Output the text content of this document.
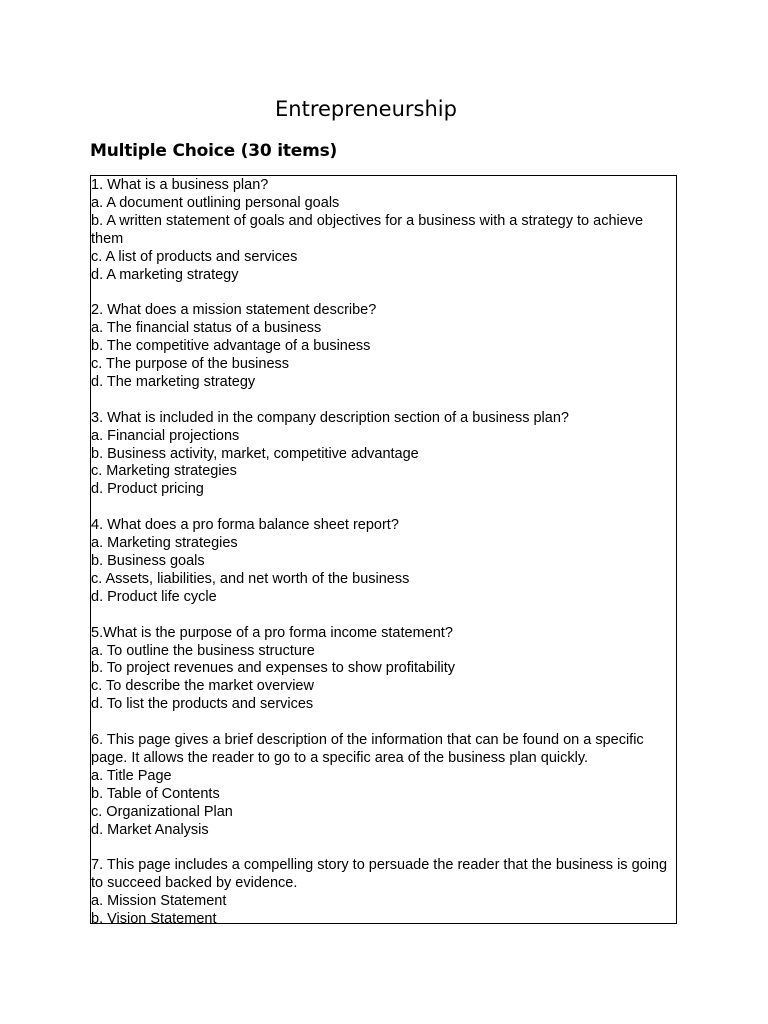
Entrepreneurship
Multiple Choice (30 items)
1. What is a business plan?
a. A document outlining personal goals
b. A written statement of goals and objectives for a business with a strategy to achieve them
c. A list of products and services
d. A marketing strategy
2. What does a mission statement describe?
a. The financial status of a business
b. The competitive advantage of a business
c. The purpose of the business
d. The marketing strategy
3. What is included in the company description section of a business plan?
a. Financial projections
b. Business activity, market, competitive advantage
c. Marketing strategies
d. Product pricing
4. What does a pro forma balance sheet report?
a. Marketing strategies
b. Business goals
c. Assets, liabilities, and net worth of the business
d. Product life cycle
5.What is the purpose of a pro forma income statement?
a. To outline the business structure
b. To project revenues and expenses to show profitability
c. To describe the market overview
d. To list the products and services
6. This page gives a brief description of the information that can be found on a specific page. It allows the reader to go to a specific area of the business plan quickly.
a. Title Page
b. Table of Contents
c. Organizational Plan
d. Market Analysis
7. This page includes a compelling story to persuade the reader that the business is going to succeed backed by evidence.
a. Mission Statement
b. Vision Statement
